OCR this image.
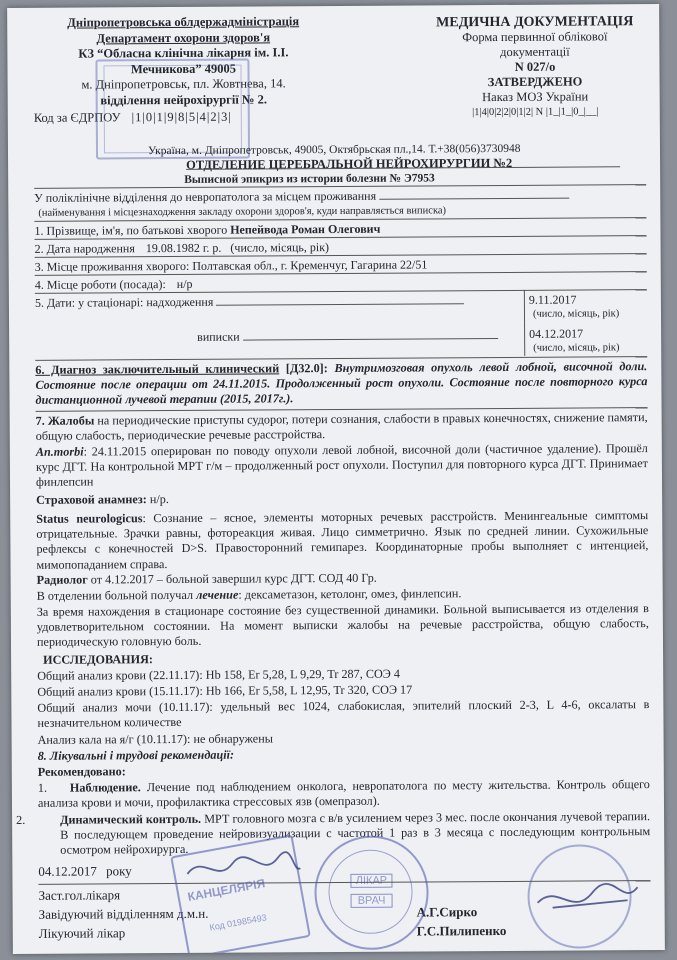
Дніпропетровська облдержадміністрація
Департамент охорони здоров'я
КЗ “Обласна клінічна лікарня ім. І.І.
Мечникова” 49005
м. Дніпропетровськ, пл. Жовтнева, 14.
відділення нейрохірургії № 2.
Код за ЄДРПОУ |1|0|1|9|8|5|4|2|3|
МЕДИЧНА ДОКУМЕНТАЦІЯ
Форма первинної облікової
документації
N 027/о
ЗАТВЕРДЖЕНО
Наказ МОЗ України
|1|4|0|2|2|0|1|2| N |1_|1_|0_|__|
Україна, м. Дніпропетровськ, 49005, Октябрьская пл.,14. Т.+38(056)3730948
ОТДЕЛЕНИЕ ЦЕРЕБРАЛЬНОЙ НЕЙРОХИРУРГИИ №2
Выписной эпикриз из истории болезни № Э7953
У поліклінічне відділення до невропатолога за місцем проживання
(найменування і місцезнаходження закладу охорони здоров'я, куди направляється виписка)
1. Прізвище, ім'я, по батькові хворого Непейвода Роман Олегович
2. Дата народження 19.08.1982 г. р. (число, місяць, рік)
3. Місце проживання хворого: Полтавская обл., г. Кременчуг, Гагарина 22/51
4. Місце роботи (посада): н/р
5. Дати: у стаціонарі: надходження	9.11.2017
(число, місяць, рік)
виписки	04.12.2017
(число, місяць, рік)
6. Диагноз заключительный клинический [Д32.0]: Внутримозговая опухоль левой лобной, височной доли. Состояние после операции от 24.11.2015. Продолженный рост опухоли. Состояние после повторного курса дистанционной лучевой терапии (2015, 2017г.).
7. Жалобы на периодические приступы судорог, потери сознания, слабости в правых конечностях, снижение памяти, общую слабость, периодические речевые расстройства.
An.morbi: 24.11.2015 оперирован по поводу опухоли левой лобной, височной доли (частичное удаление). Прошёл курс ДГТ. На контрольной МРТ г/м – продолженный рост опухоли. Поступил для повторного курса ДГТ. Принимает финлепсин
Страховой анамнез: н/р.
Status neurologicus: Сознание – ясное, элементы моторных речевых расстройств. Менингеальные симптомы отрицательные. Зрачки равны, фотореакция живая. Лицо симметрично. Язык по средней линии. Сухожильные рефлексы с конечностей D>S. Правосторонний гемипарез. Координаторные пробы выполняет с интенцией, мимопопаданием справа.
Радиолог от 4.12.2017 – больной завершил курс ДГТ. СОД 40 Гр.
В отделении больной получал лечение: дексаметазон, кетолонг, омез, финлепсин.
За время нахождения в стационаре состояние без существенной динамики. Больной выписывается из отделения в удовлетворительном состоянии. На момент выписки жалобы на речевые расстройства, общую слабость, периодическую головную боль.
ИССЛЕДОВАНИЯ:
Общий анализ крови (22.11.17): Hb 158, Er 5,28, L 9,29, Tr 287, СОЭ 4
Общий анализ крови (15.11.17): Hb 166, Er 5,58, L 12,95, Tr 320, СОЭ 17
Общий анализ мочи (10.11.17): удельный вес 1024, слабокислая, эпителий плоский 2-3, L 4-6, оксалаты в незначительном количестве
Анализ кала на я/г (10.11.17): не обнаружены
8. Лікувальні і трудові рекомендації:
Рекомендовано:
1. Наблюдение. Лечение под наблюдением онколога, невропатолога по месту жительства. Контроль общего анализа крови и мочи, профилактика стрессовых язв (омепразол).
2.	Динамический контроль. МРТ головного мозга с в/в усилением через 3 мес. после окончания лучевой терапии. В последующем проведение нейровизуализации с частотой 1 раз в 3 месяца с последующим контрольным осмотром нейрохирурга.
04.12.2017 року
Заст.гол.лікаря
Завідуючий відділенням д.м.н.
Лікуючий лікар
А.Г.Сирко
Г.С.Пилипенко
КАНЦЕЛЯРІЯ
Код 01985493
ЛІКАР
ВРАЧ
